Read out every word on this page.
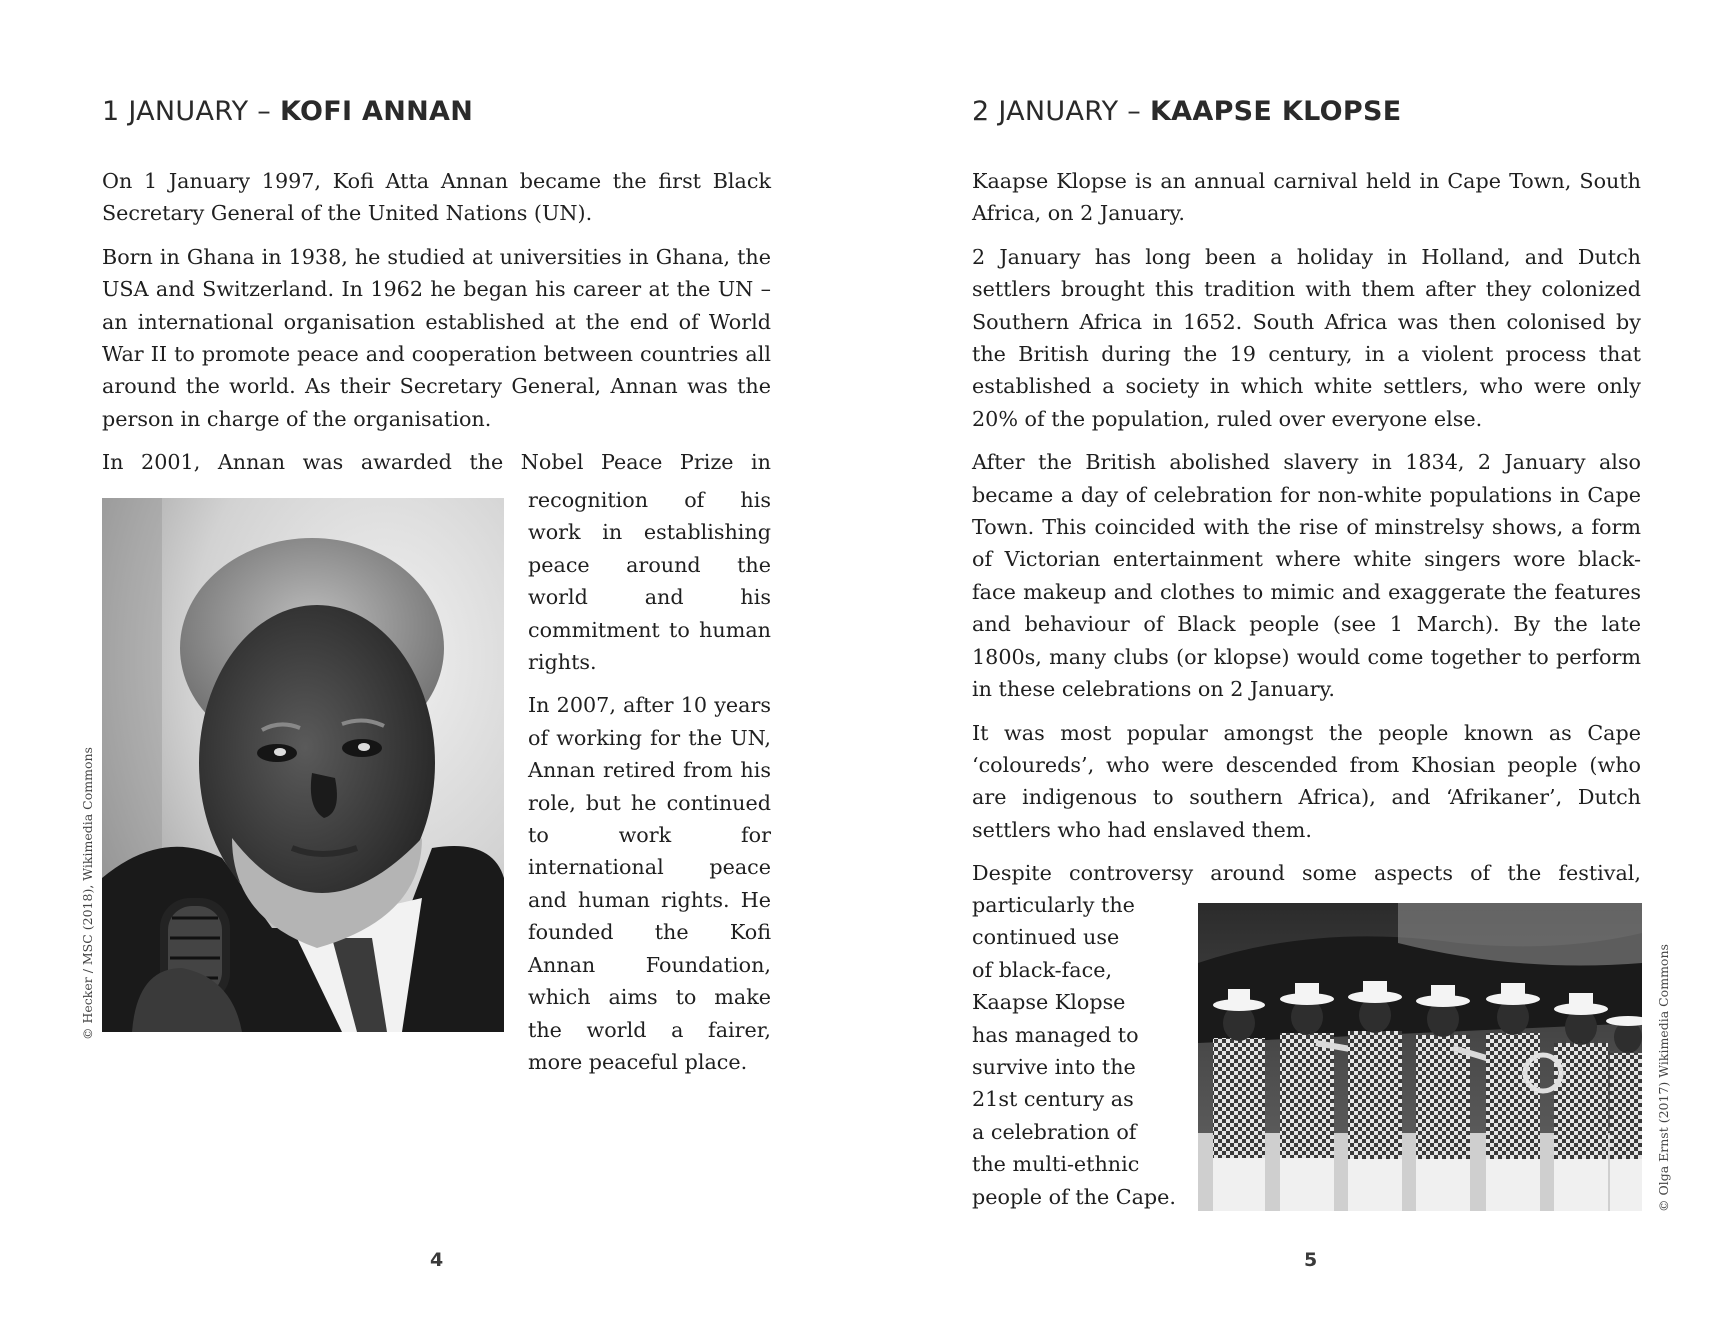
1 JANUARY – KOFI ANNAN

On 1 January 1997, Kofi Atta Annan became the first Black Secretary General of the United Nations (UN).

Born in Ghana in 1938, he studied at universities in Ghana, the USA and Switzerland. In 1962 he began his career at the UN – an international organisation established at the end of World War II to promote peace and cooperation between countries all around the world. As their Secretary General, Annan was the person in charge of the organisation.

In 2001, Annan was awarded the Nobel Peace Prize in

recognition of his work in establishing peace around the world and his commitment to human rights.

In 2007, after 10 years of working for the UN, Annan retired from his role, but he continued to work for international peace and human rights. He founded the Kofi Annan Foundation, which aims to make the world a fairer, more peaceful place.

© Hecker / MSC (2018), Wikimedia Commons
4
2 JANUARY – KAAPSE KLOPSE

Kaapse Klopse is an annual carnival held in Cape Town, South Africa, on 2 January.

2 January has long been a holiday in Holland, and Dutch settlers brought this tradition with them after they colonized Southern Africa in 1652. South Africa was then colonised by the British during the 19 century, in a violent process that established a society in which white settlers, who were only 20% of the population, ruled over everyone else.

After the British abolished slavery in 1834, 2 January also became a day of celebration for non-white populations in Cape Town. This coincided with the rise of minstrelsy shows, a form of Victorian entertainment where white singers wore black-face makeup and clothes to mimic and exaggerate the features and behaviour of Black people (see 1 March). By the late 1800s, many clubs (or klopse) would come together to perform in these celebrations on 2 January.

It was most popular amongst the people known as Cape ‘coloureds’, who were descended from Khosian people (who are indigenous to southern Africa), and ‘Afrikaner’, Dutch settlers who had enslaved them.

Despite controversy around some aspects of the festival,

particularly the
continued use
of black-face,
Kaapse Klopse
has managed to
survive into the
21st century as
a celebration of
the multi-ethnic
people of the Cape.	© Olga Ernst (2017) Wikimedia Commons
5
